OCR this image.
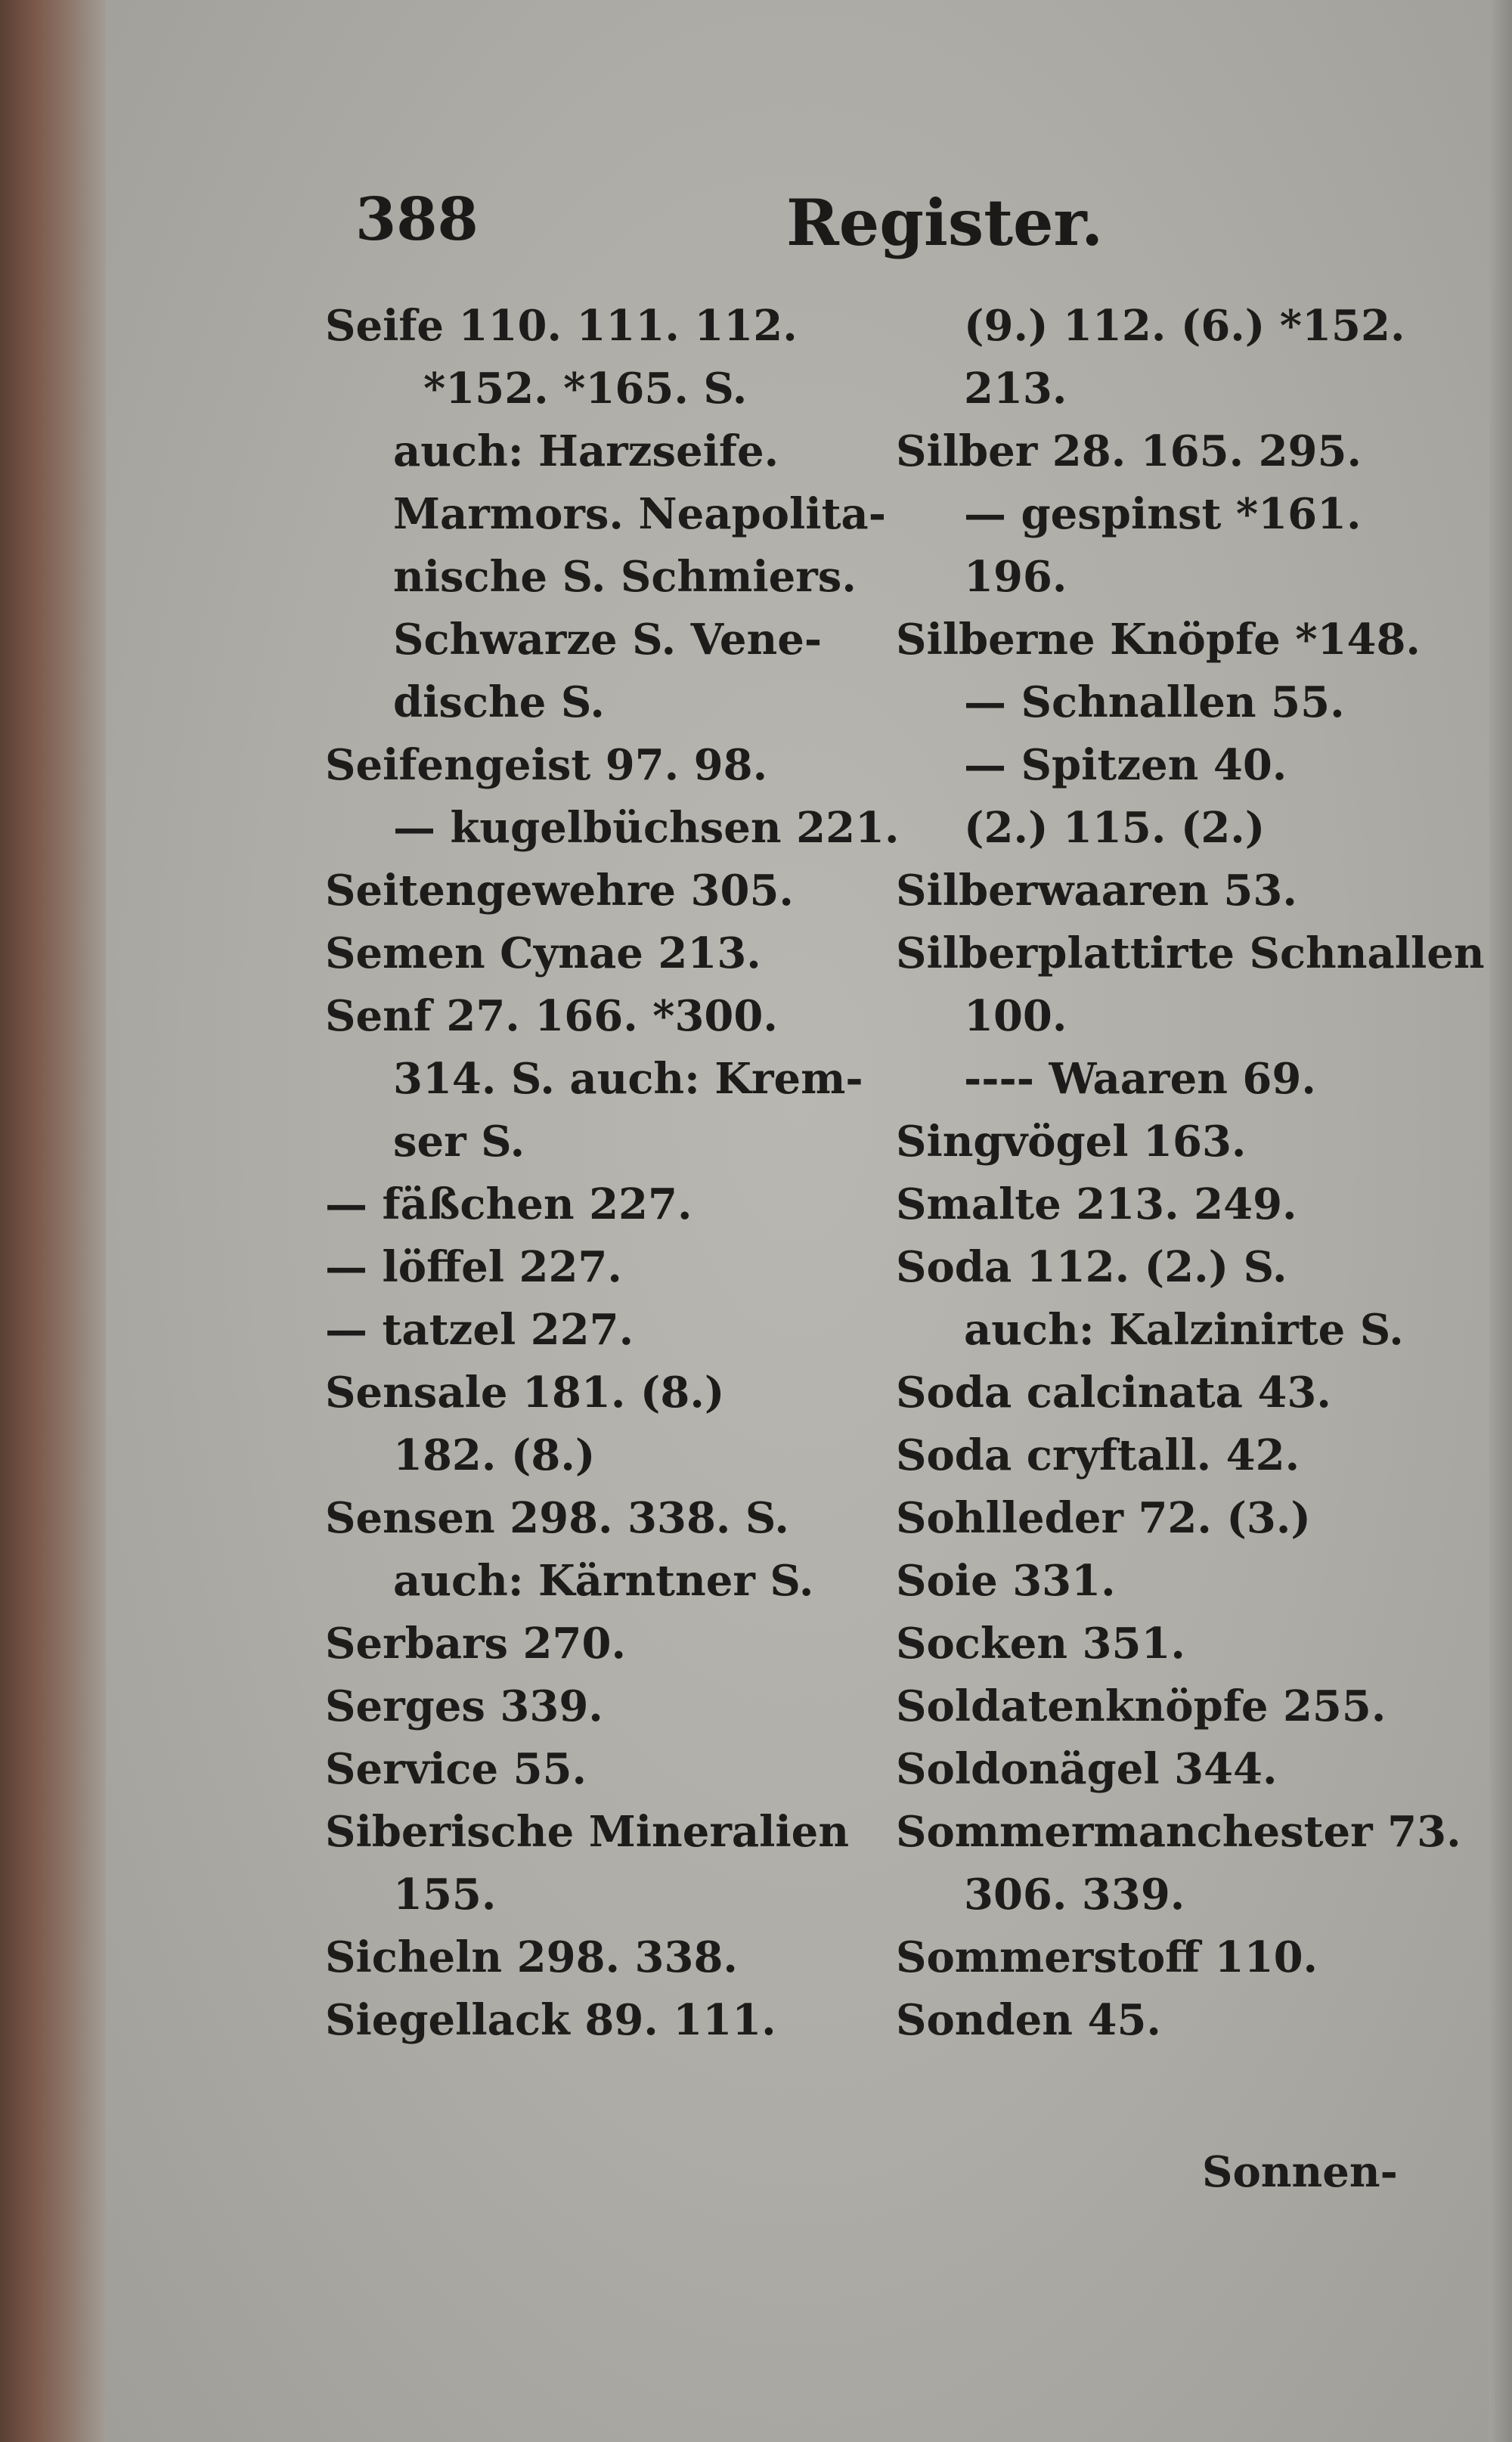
388	Register.
Seife 110. 111. 112.
*152. *165. S.
auch: Harzseife.
Marmors. Neapolita-
nische S. Schmiers.
Schwarze S. Vene-
dische S.
Seifengeist 97. 98.
— kugelbüchsen 221.
Seitengewehre 305.
Semen Cynae 213.
Senf 27. 166. *300.
314. S. auch: Krem-
ser S.
— fäßchen 227.
— löffel 227.
— tatzel 227.
Sensale 181. (8.)
182. (8.)
Sensen 298. 338. S.
auch: Kärntner S.
Serbars 270.
Serges 339.
Service 55.
Siberische Mineralien
155.
Sicheln 298. 338.
Siegellack 89. 111.
(9.) 112. (6.) *152.
213.
Silber 28. 165. 295.
— gespinst *161.
196.
Silberne Knöpfe *148.
— Schnallen 55.
— Spitzen 40.
(2.) 115. (2.)
Silberwaaren 53.
Silberplattirte Schnallen
100.
---- Waaren 69.
Singvögel 163.
Smalte 213. 249.
Soda 112. (2.) S.
auch: Kalzinirte S.
Soda calcinata 43.
Soda cryftall. 42.
Sohlleder 72. (3.)
Soie 331.
Socken 351.
Soldatenknöpfe 255.
Soldonägel 344.
Sommermanchester 73.
306. 339.
Sommerstoff 110.
Sonden 45.
Sonnen-
